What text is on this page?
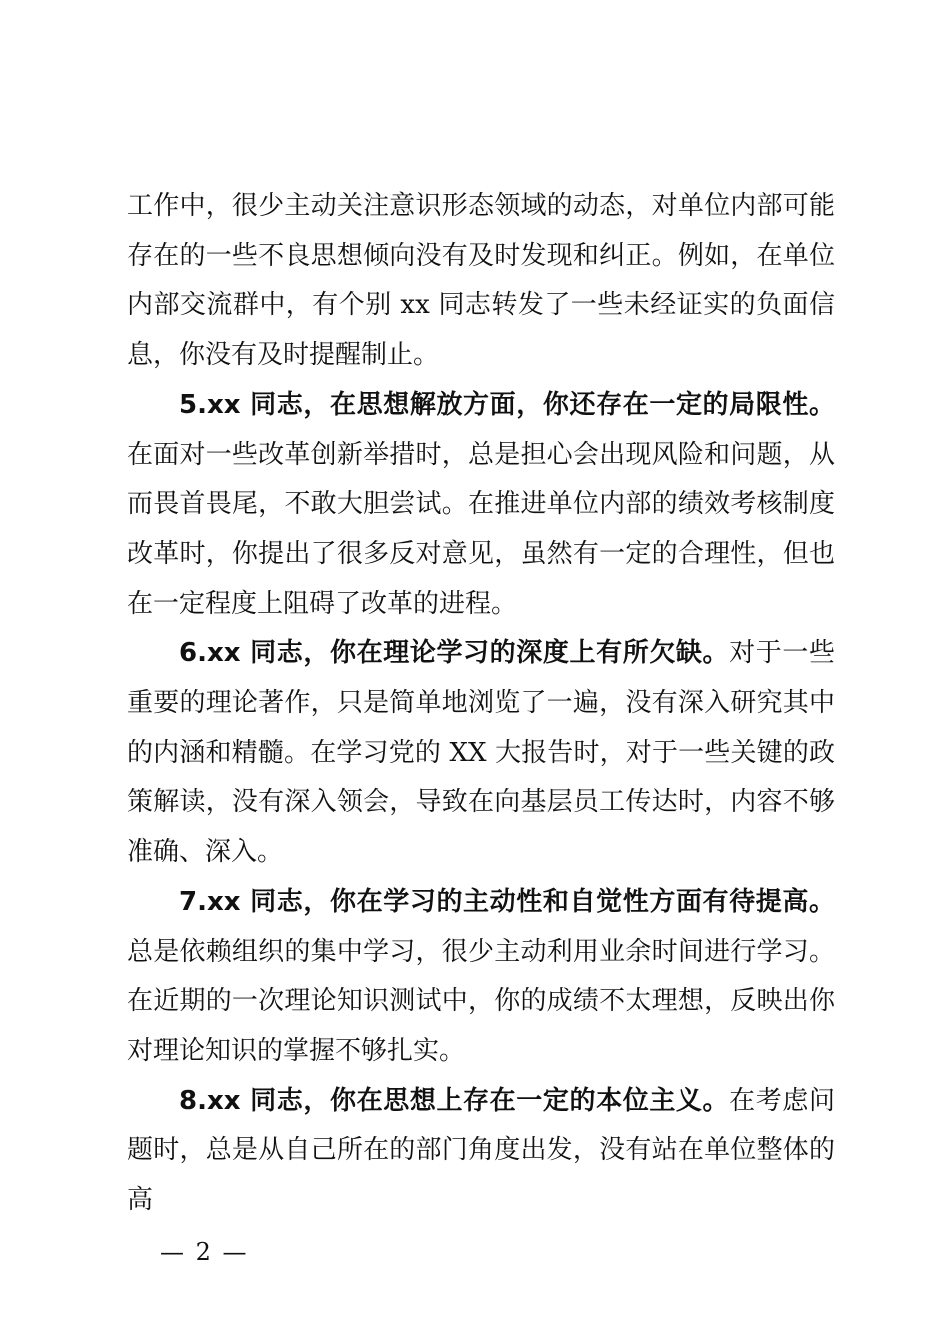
工作中，很少主动关注意识形态领域的动态，对单位内部可能存在的一些不良思想倾向没有及时发现和纠正。例如，在单位内部交流群中，有个别 xx 同志转发了一些未经证实的负面信息，你没有及时提醒制止。

5.xx 同志，在思想解放方面，你还存在一定的局限性。在面对一些改革创新举措时，总是担心会出现风险和问题，从而畏首畏尾，不敢大胆尝试。在推进单位内部的绩效考核制度改革时，你提出了很多反对意见，虽然有一定的合理性，但也在一定程度上阻碍了改革的进程。

6.xx 同志，你在理论学习的深度上有所欠缺。对于一些重要的理论著作，只是简单地浏览了一遍，没有深入研究其中的内涵和精髓。在学习党的 XX 大报告时，对于一些关键的政策解读，没有深入领会，导致在向基层员工传达时，内容不够准确、深入。

7.xx 同志，你在学习的主动性和自觉性方面有待提高。总是依赖组织的集中学习，很少主动利用业余时间进行学习。在近期的一次理论知识测试中，你的成绩不太理想，反映出你对理论知识的掌握不够扎实。

8.xx 同志，你在思想上存在一定的本位主义。在考虑问题时，总是从自己所在的部门角度出发，没有站在单位整体的高

— 2 —
